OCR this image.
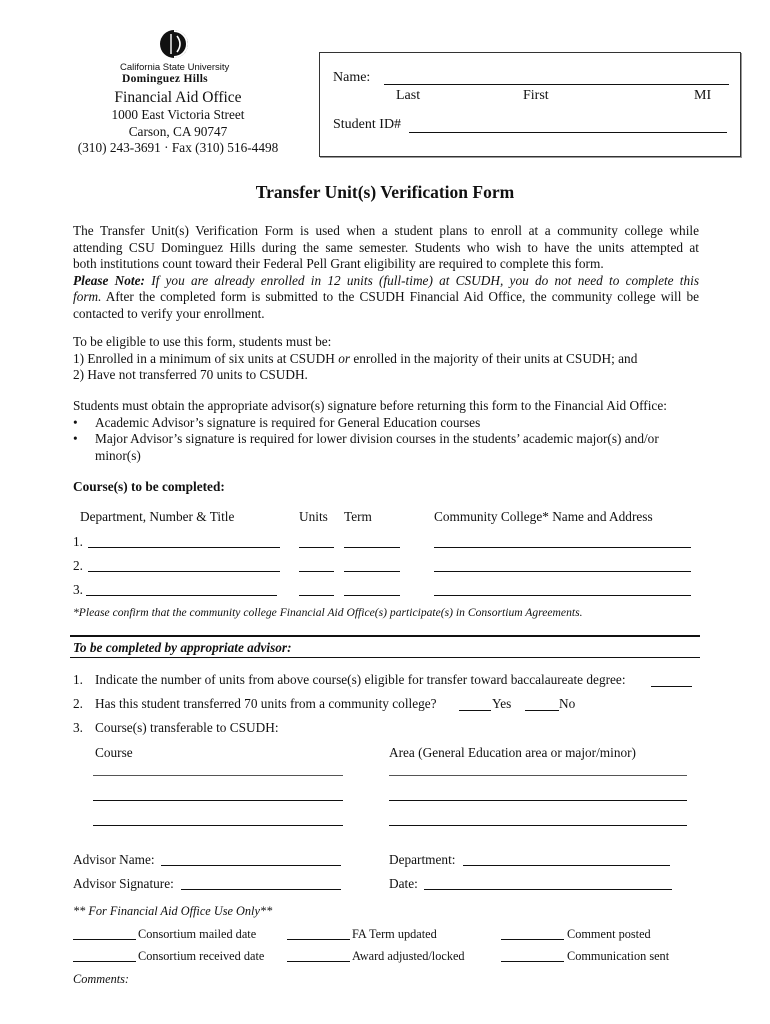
California State University
Dominguez Hills
Financial Aid Office
1000 East Victoria Street
Carson, CA 90747
(310) 243-3691 · Fax (310) 516-4498
Name:
Last	First	MI
Student ID#
Transfer Unit(s) Verification Form
The Transfer Unit(s) Verification Form is used when a student plans to enroll at a community college while
attending CSU Dominguez Hills during the same semester. Students who wish to have the units attempted at
both institutions count toward their Federal Pell Grant eligibility are required to complete this form.
Please Note: If you are already enrolled in 12 units (full-time) at CSUDH, you do not need to complete this
form. After the completed form is submitted to the CSUDH Financial Aid Office, the community college will be
contacted to verify your enrollment.
To be eligible to use this form, students must be:
1) Enrolled in a minimum of six units at CSUDH or enrolled in the majority of their units at CSUDH; and
2) Have not transferred 70 units to CSUDH.
Students must obtain the appropriate advisor(s) signature before returning this form to the Financial Aid Office:
• Academic Advisor’s signature is required for General Education courses
• Major Advisor’s signature is required for lower division courses in the students’ academic major(s) and/or
minor(s)
Course(s) to be completed:
Department, Number & Title	Units Term	Community College* Name and Address
1.
2.
3.
*Please confirm that the community college Financial Aid Office(s) participate(s) in Consortium Agreements.
To be completed by appropriate advisor:
1. Indicate the number of units from above course(s) eligible for transfer toward baccalaureate degree:
2. Has this student transferred 70 units from a community college?	Yes	No
3. Course(s) transferable to CSUDH:
Course	Area (General Education area or major/minor)
Advisor Name:	Department:
Advisor Signature:	Date:
** For Financial Aid Office Use Only**
Consortium mailed date	FA Term updated	Comment posted
Consortium received date	Award adjusted/locked	Communication sent
Comments:
